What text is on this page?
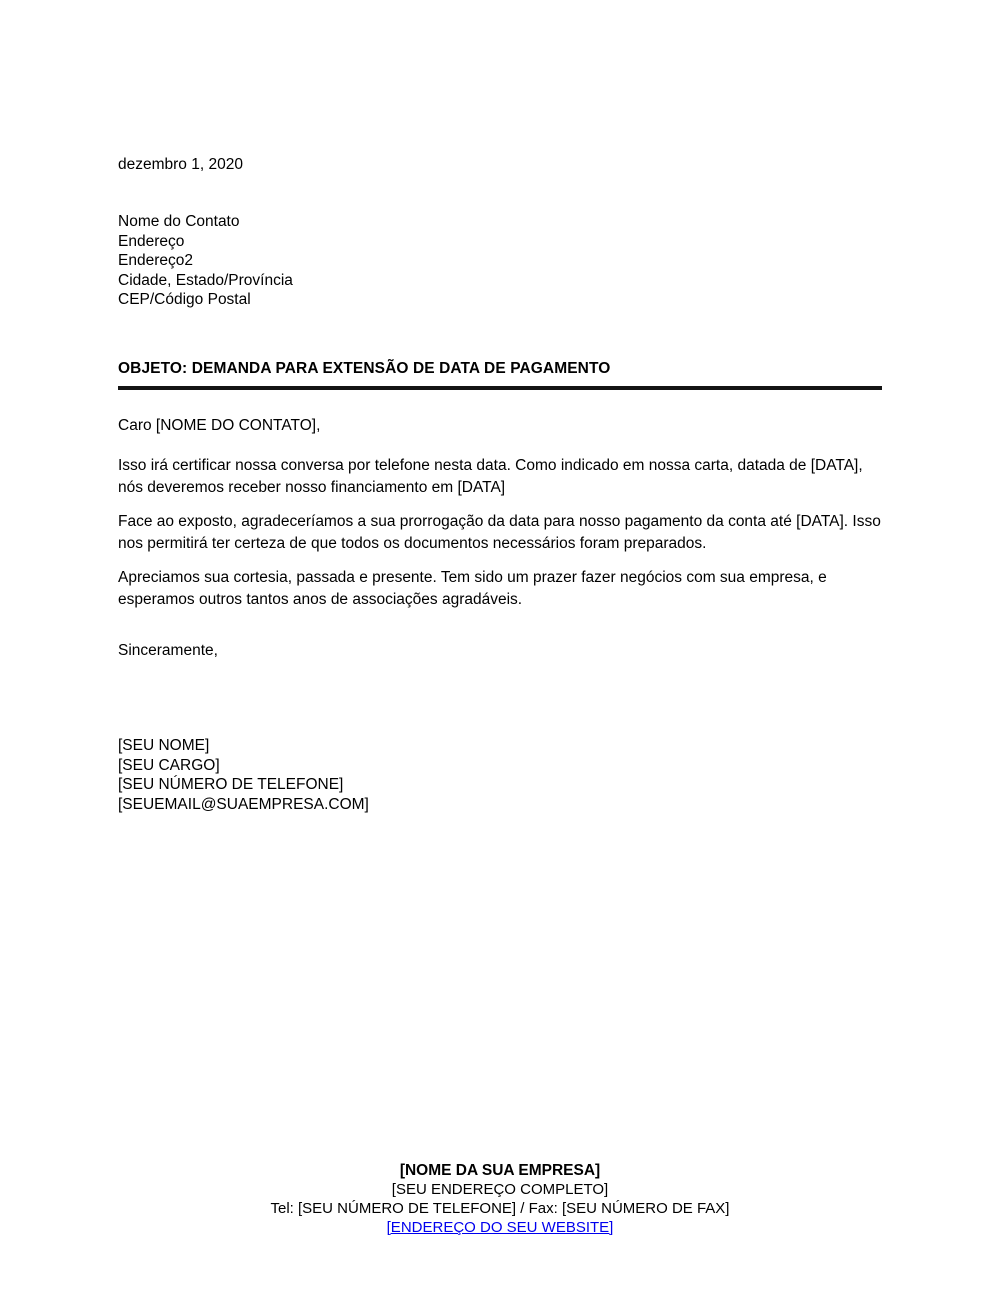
dezembro 1, 2020
Nome do Contato
Endereço
Endereço2
Cidade, Estado/Província
CEP/Código Postal
OBJETO: DEMANDA PARA EXTENSÃO DE DATA DE PAGAMENTO
Caro [NOME DO CONTATO],
Isso irá certificar nossa conversa por telefone nesta data. Como indicado em nossa carta, datada de [DATA], nós deveremos receber nosso financiamento em [DATA]
Face ao exposto, agradeceríamos a sua prorrogação da data para nosso pagamento da conta até [DATA]. Isso nos permitirá ter certeza de que todos os documentos necessários foram preparados.
Apreciamos sua cortesia, passada e presente. Tem sido um prazer fazer negócios com sua empresa, e esperamos outros tantos anos de associações agradáveis.
Sinceramente,
[SEU NOME]
[SEU CARGO]
[SEU NÚMERO DE TELEFONE]
[SEUEMAIL@SUAEMPRESA.COM]
[NOME DA SUA EMPRESA]
[SEU ENDEREÇO COMPLETO]
Tel: [SEU NÚMERO DE TELEFONE] / Fax: [SEU NÚMERO DE FAX]
[ENDEREÇO DO SEU WEBSITE]
